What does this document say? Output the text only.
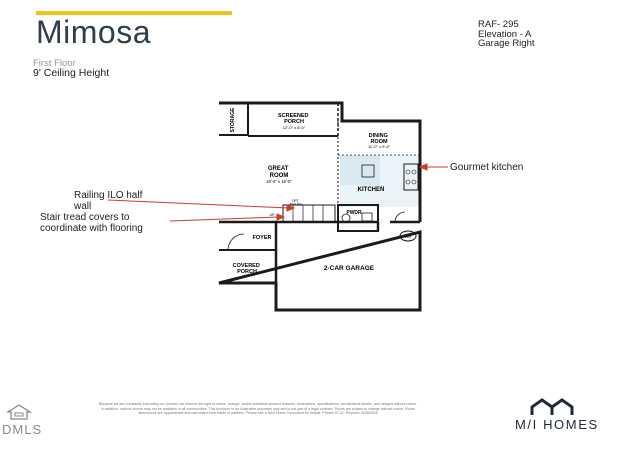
Mimosa
First Floor
9' Ceiling Height
RAF- 295
Elevation - A
Garage Right
STORAGE	SCREENED PORCH
12'-0" x 8'-0"
DINING ROOM
11'-0" x 9'-4"
GREAT ROOM
16'-0" x 18'-0"
KITCHEN
PWDR
FOYER
COVERED PORCH	2-CAR GARAGE
WH
UP
OPT. RAILING
Gourmet kitchen
Railing ILO half
wall
Stair tread covers to
coordinate with flooring
Because we are constantly improving our product, we reserve the right to revise, change, and/or substitute product features, dimensions, specifications, architectural details, and designs without notice. In addition, options shown may not be available in all communities. This brochure is for illustrative purposes only and is not part of a legal contract. Prices are subject to change without notice. Room dimensions are approximate and calculated from inside of partition. Please see a New Home Consultant for details. Printed 07-21. Revision: 6/28/2024
DMLS	M/I HOMES
